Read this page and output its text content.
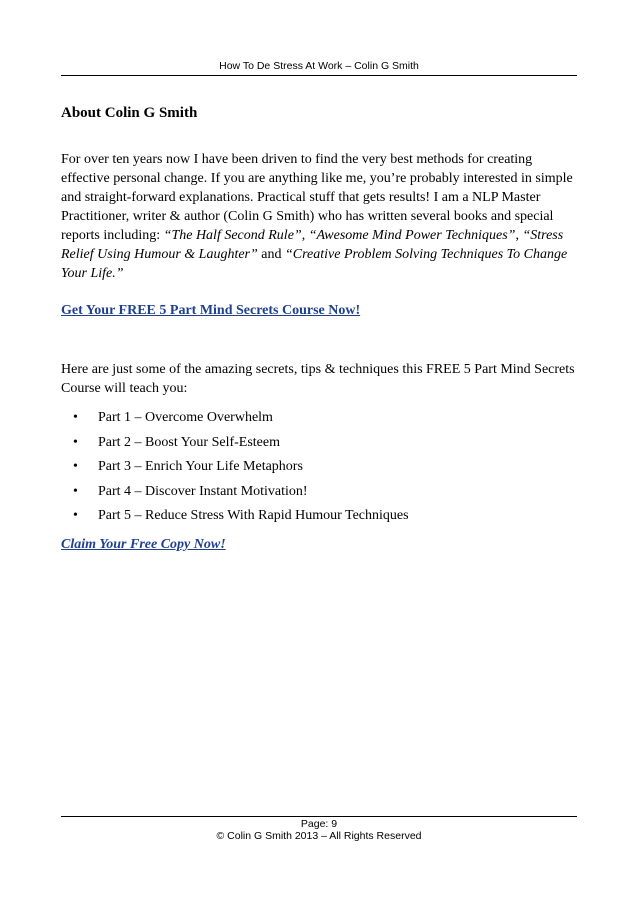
How To De Stress At Work – Colin G Smith
About Colin G Smith

For over ten years now I have been driven to find the very best methods for creating effective personal change. If you are anything like me, you’re probably interested in simple and straight-forward explanations. Practical stuff that gets results! I am a NLP Master Practitioner, writer & author (Colin G Smith) who has written several books and special reports including: “The Half Second Rule”, “Awesome Mind Power Techniques”, “Stress Relief Using Humour & Laughter” and “Creative Problem Solving Techniques To Change Your Life.”

Get Your FREE 5 Part Mind Secrets Course Now!

Here are just some of the amazing secrets, tips & techniques this FREE 5 Part Mind Secrets Course will teach you:

• Part 1 – Overcome Overwhelm
• Part 2 – Boost Your Self-Esteem
• Part 3 – Enrich Your Life Metaphors
• Part 4 – Discover Instant Motivation!
• Part 5 – Reduce Stress With Rapid Humour Techniques
Claim Your Free Copy Now!
Page: 9
© Colin G Smith 2013 – All Rights Reserved
